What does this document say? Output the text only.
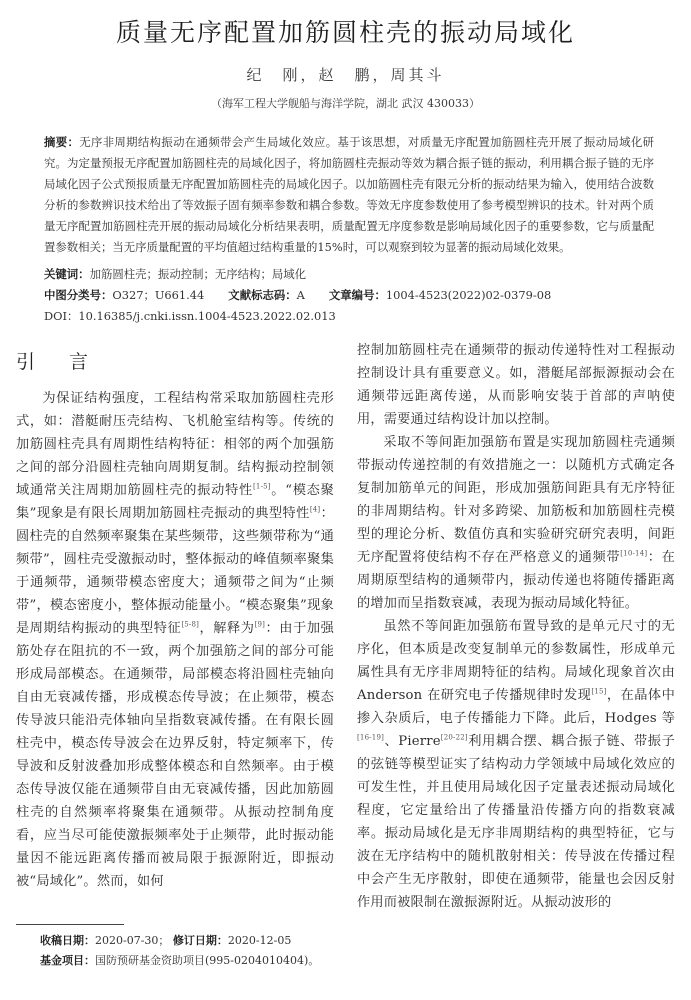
质量无序配置加筋圆柱壳的振动局域化
纪　刚，赵　鹏，周其斗
（海军工程大学舰船与海洋学院，湖北 武汉 430033）
摘要：无序非周期结构振动在通频带会产生局域化效应。基于该思想，对质量无序配置加筋圆柱壳开展了振动局域化研究。为定量预报无序配置加筋圆柱壳的局域化因子，将加筋圆柱壳振动等效为耦合振子链的振动，利用耦合振子链的无序局域化因子公式预报质量无序配置加筋圆柱壳的局域化因子。以加筋圆柱壳有限元分析的振动结果为输入，使用结合波数分析的参数辨识技术给出了等效振子固有频率参数和耦合参数。等效无序度参数使用了参考模型辨识的技术。针对两个质量无序配置加筋圆柱壳开展的振动局域化分析结果表明，质量配置无序度参数是影响局域化因子的重要参数，它与质量配置参数相关；当无序质量配置的平均值超过结构重量的15%时，可以观察到较为显著的振动局域化效果。
关键词：加筋圆柱壳；振动控制；无序结构；局域化
中图分类号：O327；U661.44 文献标志码：A 文章编号：1004-4523(2022)02-0379-08
DOI：10.16385/j.cnki.issn.1004-4523.2022.02.013
引 言

为保证结构强度，工程结构常采取加筋圆柱壳形式，如：潜艇耐压壳结构、飞机舱室结构等。传统的加筋圆柱壳具有周期性结构特征：相邻的两个加强筋之间的部分沿圆柱壳轴向周期复制。结构振动控制领域通常关注周期加筋圆柱壳的振动特性[1-5]。“模态聚集”现象是有限长周期加筋圆柱壳振动的典型特性[4]：圆柱壳的自然频率聚集在某些频带，这些频带称为“通频带”，圆柱壳受激振动时，整体振动的峰值频率聚集于通频带，通频带模态密度大；通频带之间为“止频带”，模态密度小，整体振动能量小。“模态聚集”现象是周期结构振动的典型特征[5-8]，解释为[9]：由于加强筋处存在阻抗的不一致，两个加强筋之间的部分可能形成局部模态。在通频带，局部模态将沿圆柱壳轴向自由无衰减传播，形成模态传导波；在止频带，模态传导波只能沿壳体轴向呈指数衰减传播。在有限长圆柱壳中，模态传导波会在边界反射，特定频率下，传导波和反射波叠加形成整体模态和自然频率。由于模态传导波仅能在通频带自由无衰减传播，因此加筋圆柱壳的自然频率将聚集在通频带。从振动控制角度看，应当尽可能使激振频率处于止频带，此时振动能量因不能远距离传播而被局限于振源附近，即振动被“局域化”。然而，如何

控制加筋圆柱壳在通频带的振动传递特性对工程振动控制设计具有重要意义。如，潜艇尾部振源振动会在通频带远距离传递，从而影响安装于首部的声呐使用，需要通过结构设计加以控制。

采取不等间距加强筋布置是实现加筋圆柱壳通频带振动传递控制的有效措施之一：以随机方式确定各复制加筋单元的间距，形成加强筋间距具有无序特征的非周期结构。针对多跨梁、加筋板和加筋圆柱壳模型的理论分析、数值仿真和实验研究研究表明，间距无序配置将使结构不存在严格意义的通频带[10-14]：在周期原型结构的通频带内，振动传递也将随传播距离的增加而呈指数衰减，表现为振动局域化特征。

虽然不等间距加强筋布置导致的是单元尺寸的无序化，但本质是改变复制单元的参数属性，形成单元属性具有无序非周期特征的结构。局域化现象首次由 Anderson 在研究电子传播规律时发现[15]，在晶体中掺入杂质后，电子传播能力下降。此后，Hodges 等[16-19]、Pierre[20-22]利用耦合摆、耦合振子链、带振子的弦链等模型证实了结构动力学领域中局域化效应的可发生性，并且使用局域化因子定量表述振动局域化程度，它定量给出了传播量沿传播方向的指数衰减率。振动局域化是无序非周期结构的典型特征，它与波在无序结构中的随机散射相关：传导波在传播过程中会产生无序散射，即使在通频带，能量也会因反射作用而被限制在激振源附近。从振动波形的

收稿日期：2020-07-30； 修订日期：2020-12-05
基金项目：国防预研基金资助项目(995-0204010404)。
